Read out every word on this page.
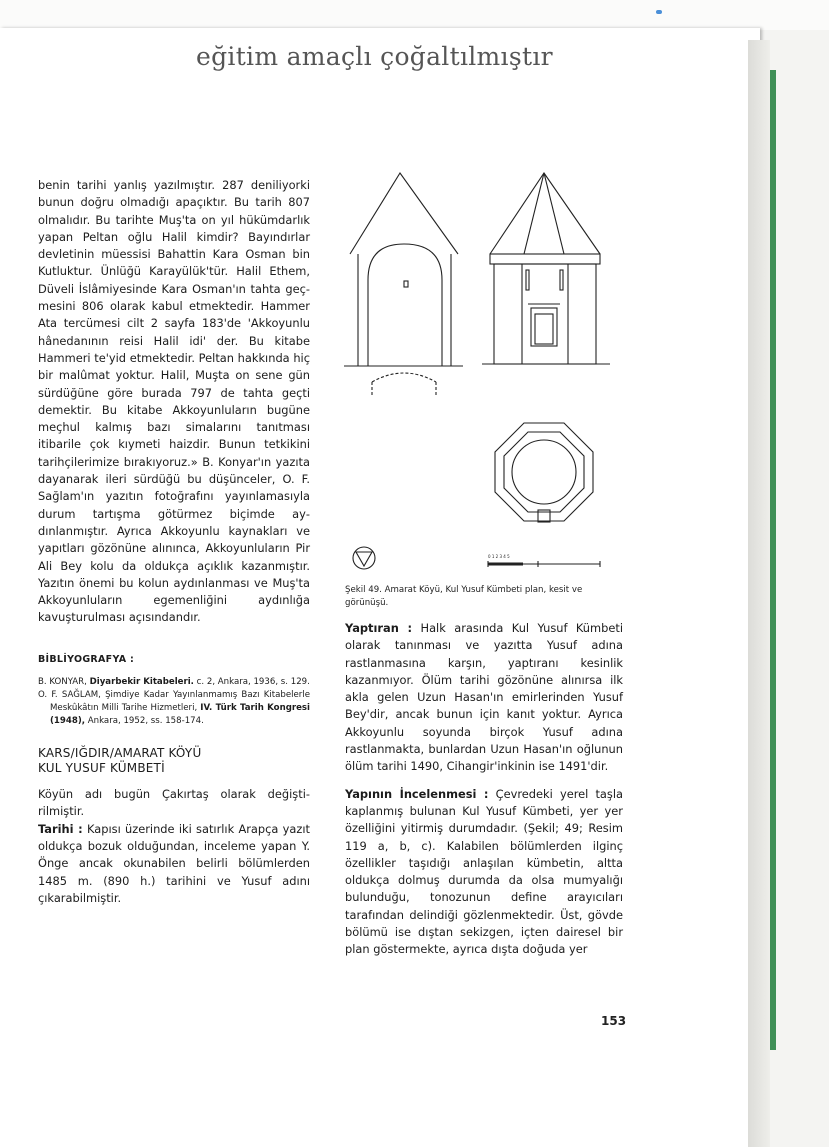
eğitim amaçlı çoğaltılmıştır

benin tarihi yanlış yazılmıştır. 287 deniliyorki bunun doğru olmadığı apaçıktır. Bu tarih 807 olmalıdır. Bu tarihte Muş'ta on yıl hükümdarlık yapan Peltan oğlu Halil kimdir? Bayındırlar devletinin müessisi Bahattin Kara Osman bin Kutluktur. Ünlüğü Karayülük'tür. Halil Ethem, Düveli İslâmiyesinde Kara Osman'ın tahta geçmesini 806 olarak kabul etmektedir. Hammer Ata tercümesi cilt 2 sayfa 183'de 'Akkoyunlu hânedanının reisi Halil idi' der. Bu kitabe Hammeri te'yid etmektedir. Peltan hakkında hiç bir malûmat yoktur. Halil, Muşta on sene gün sürdüğüne göre burada 797 de tahta geçti demektir. Bu kitabe Akkoyunluların bugüne meçhul kalmış bazı simalarını tanıtması itibarile çok kıymeti haizdir. Bunun tetkikini tarihçilerimize bırakıyoruz.» B. Konyar'ın yazıta dayanarak ileri sürdüğü bu düşünceler, O. F. Sağlam'ın yazıtın fotoğrafını yayınlamasıyla durum tartışma götürmez biçimde aydınlanmıştır. Ayrıca Akkoyunlu kaynakları ve yapıtları gözönüne alınınca, Akkoyunluların Pir Ali Bey kolu da oldukça açıklık kazanmıştır. Yazıtın önemi bu kolun aydınlanması ve Muş'ta Akkoyunluların egemenliğini aydınlığa kavuşturulması açısındandır.

BİBLİYOGRAFYA :

B. KONYAR, Diyarbekir Kitabeleri. c. 2, Ankara, 1936, s. 129.

O. F. SAĞLAM, Şimdiye Kadar Yayınlanmamış Bazı Kitabelerle Meskûkâtın Milli Tarihe Hizmetleri, IV. Türk Tarih Kongresi (1948), Ankara, 1952, ss. 158-174.

KARS/IĞDIR/AMARAT KÖYÜ
KUL YUSUF KÜMBETİ

Köyün adı bugün Çakırtaş olarak değiştirilmiştir.

Tarihi : Kapısı üzerinde iki satırlık Arapça yazıt oldukça bozuk olduğundan, inceleme yapan Y. Önge ancak okunabilen belirli bölümlerden 1485 m. (890 h.) tarihini ve Yusuf adını çıkarabilmiştir.

0 1 2 3 4 5
Şekil 49. Amarat Köyü, Kul Yusuf Kümbeti plan, kesit ve görünüşü.

Yaptıran : Halk arasında Kul Yusuf Kümbeti olarak tanınması ve yazıtta Yusuf adına rastlanmasına karşın, yaptıranı kesinlik kazanmıyor. Ölüm tarihi gözönüne alınırsa ilk akla gelen Uzun Hasan'ın emirlerinden Yusuf Bey'dir, ancak bunun için kanıt yoktur. Ayrıca Akkoyunlu soyunda birçok Yusuf adına rastlanmakta, bunlardan Uzun Hasan'ın oğlunun ölüm tarihi 1490, Cihangir'inkinin ise 1491'dir.

Yapının İncelenmesi : Çevredeki yerel taşla kaplanmış bulunan Kul Yusuf Kümbeti, yer yer özelliğini yitirmiş durumdadır. (Şekil; 49; Resim 119 a, b, c). Kalabilen bölümlerden ilginç özellikler taşıdığı anlaşılan kümbetin, altta oldukça dolmuş durumda da olsa mumyalığı bulunduğu, tonozunun define arayıcıları tarafından delindiği gözlenmektedir. Üst, gövde bölümü ise dıştan sekizgen, içten dairesel bir plan göstermekte, ayrıca dışta doğuda yer

153
